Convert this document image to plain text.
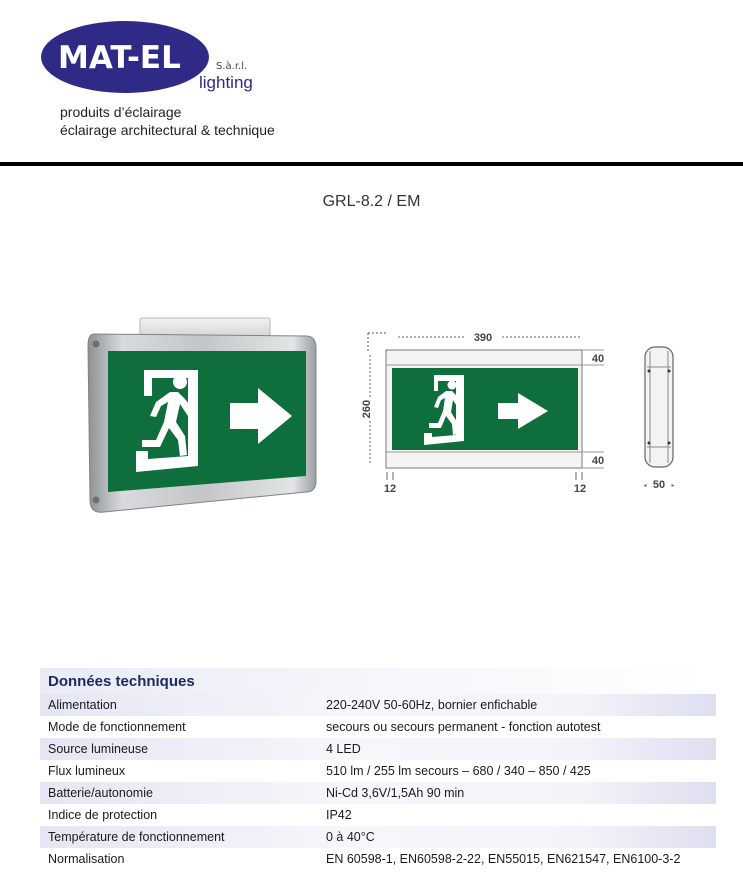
MAT-EL	S.à.r.l.
lighting
produits d’éclairage
éclairage architectural & technique
GRL-8.2 / EM
390
260
40
40
12	12	50
◂	▸
Données techniques
Alimentation	220-240V 50-60Hz, bornier enfichable
Mode de fonctionnement	secours ou secours permanent - fonction autotest
Source lumineuse	4 LED
Flux lumineux	510 lm / 255 lm secours – 680 / 340 – 850 / 425
Batterie/autonomie	Ni-Cd 3,6V/1,5Ah 90 min
Indice de protection	IP42
Température de fonctionnement	0 à 40°C
Normalisation	EN 60598-1, EN60598-2-22, EN55015, EN621547, EN6100-3-2
